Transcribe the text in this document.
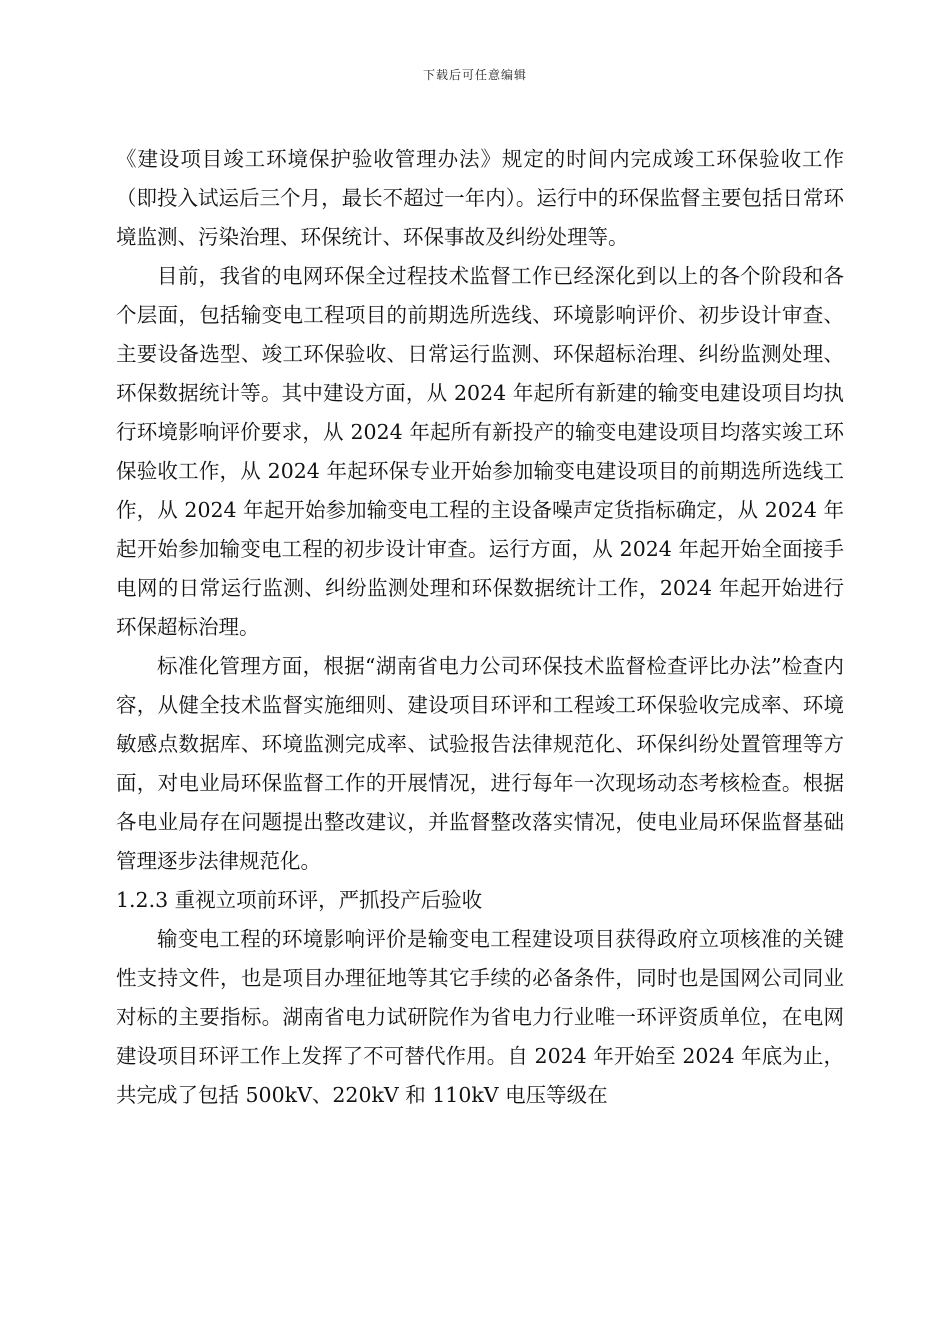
下载后可任意编辑

《建设项目竣工环境保护验收管理办法》规定的时间内完成竣工环保验收工作（即投入试运后三个月，最长不超过一年内）。运行中的环保监督主要包括日常环境监测、污染治理、环保统计、环保事故及纠纷处理等。

目前，我省的电网环保全过程技术监督工作已经深化到以上的各个阶段和各个层面，包括输变电工程项目的前期选所选线、环境影响评价、初步设计审查、主要设备选型、竣工环保验收、日常运行监测、环保超标治理、纠纷监测处理、环保数据统计等。其中建设方面，从 2024 年起所有新建的输变电建设项目均执行环境影响评价要求，从 2024 年起所有新投产的输变电建设项目均落实竣工环保验收工作，从 2024 年起环保专业开始参加输变电建设项目的前期选所选线工作，从 2024 年起开始参加输变电工程的主设备噪声定货指标确定，从 2024 年起开始参加输变电工程的初步设计审查。运行方面，从 2024 年起开始全面接手电网的日常运行监测、纠纷监测处理和环保数据统计工作，2024 年起开始进行环保超标治理。

标准化管理方面，根据“湖南省电力公司环保技术监督检查评比办法”检查内容，从健全技术监督实施细则、建设项目环评和工程竣工环保验收完成率、环境敏感点数据库、环境监测完成率、试验报告法律规范化、环保纠纷处置管理等方面，对电业局环保监督工作的开展情况，进行每年一次现场动态考核检查。根据各电业局存在问题提出整改建议，并监督整改落实情况，使电业局环保监督基础管理逐步法律规范化。

1.2.3 重视立项前环评，严抓投产后验收

输变电工程的环境影响评价是输变电工程建设项目获得政府立项核准的关键性支持文件，也是项目办理征地等其它手续的必备条件，同时也是国网公司同业对标的主要指标。湖南省电力试研院作为省电力行业唯一环评资质单位，在电网建设项目环评工作上发挥了不可替代作用。自 2024 年开始至 2024 年底为止，共完成了包括 500kV、220kV 和 110kV 电压等级在
